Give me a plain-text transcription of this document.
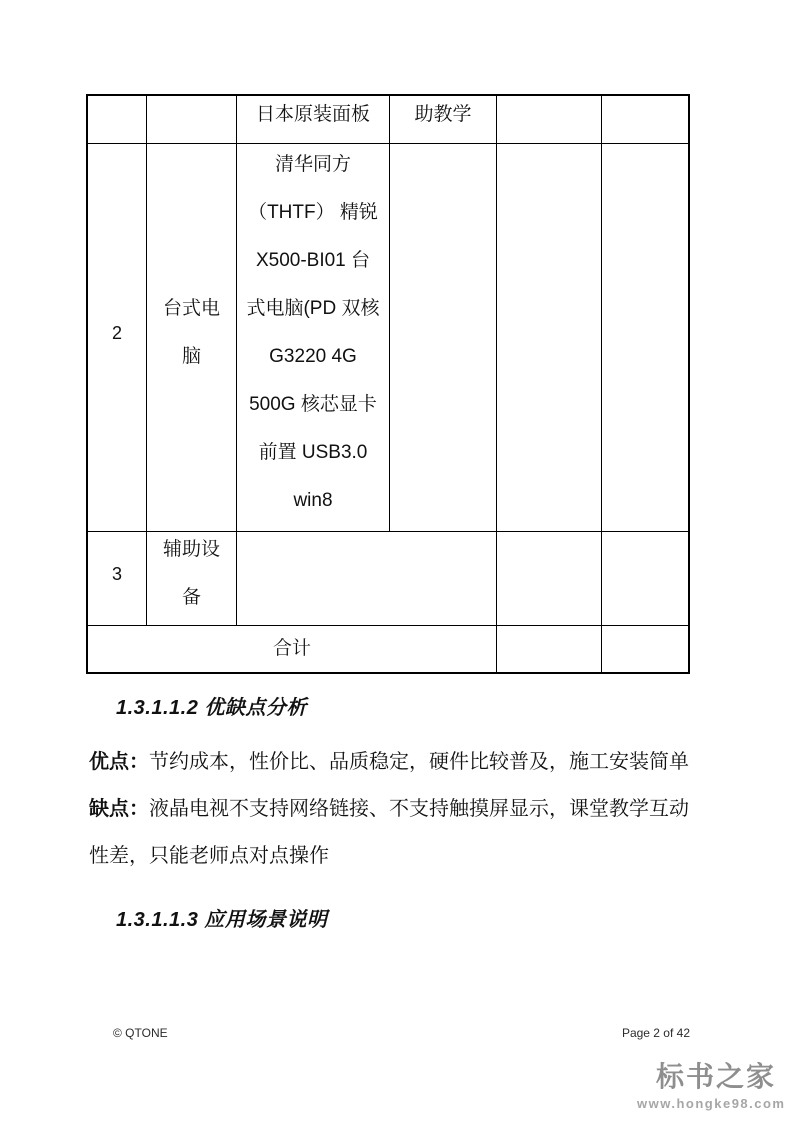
日本原装面板 助教学
2
台式电
脑
清华同方
（THTF） 精锐
X500-BI01 台
式电脑(PD 双核
G3220 4G
500G 核芯显卡
前置 USB3.0
win8
3
辅助设
备
合计
1.3.1.1.2 优缺点分析
优点：节约成本，性价比、品质稳定，硬件比较普及，施工安装简单
缺点：液晶电视不支持网络链接、不支持触摸屏显示，课堂教学互动
性差，只能老师点对点操作
1.3.1.1.3 应用场景说明
© QTONE	Page 2 of 42
标书之家
www.hongke98.com
